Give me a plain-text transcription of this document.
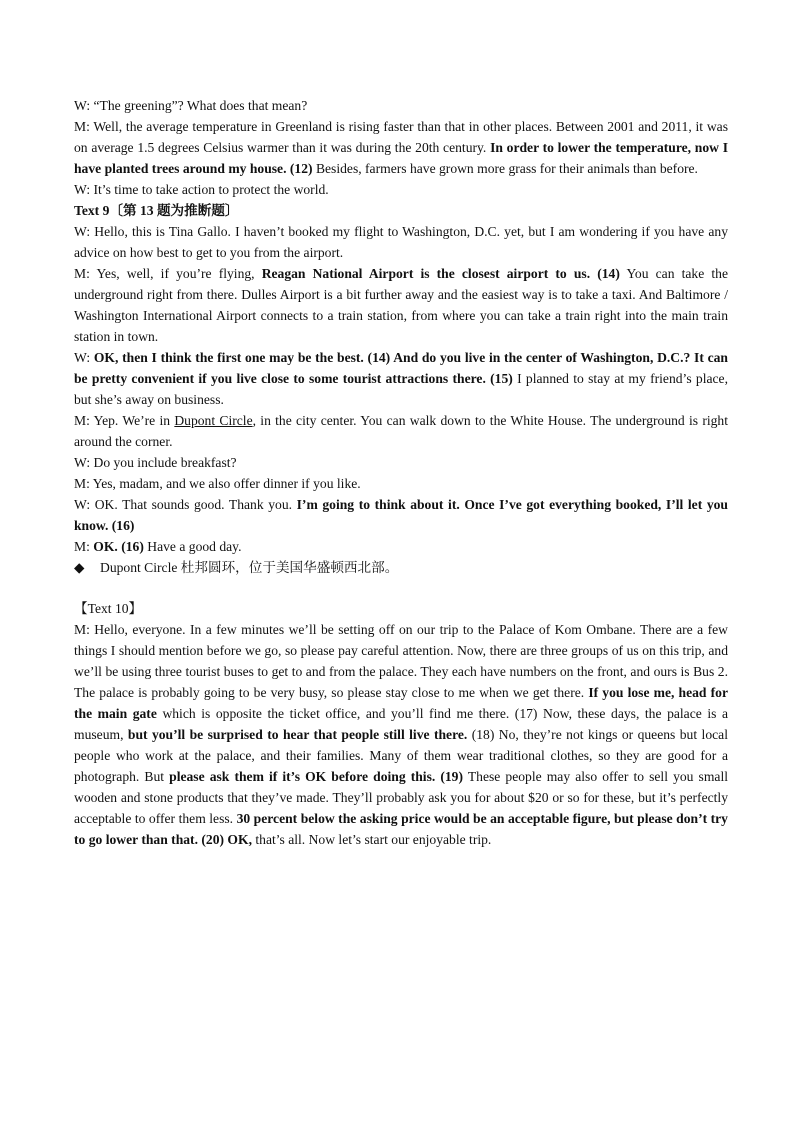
W: “The greening”? What does that mean?

M: Well, the average temperature in Greenland is rising faster than that in other places. Between 2001 and 2011, it was on average 1.5 degrees Celsius warmer than it was during the 20th century. In order to lower the temperature, now I have planted trees around my house. (12) Besides, farmers have grown more grass for their animals than before.

W: It’s time to take action to protect the world.

Text 9〔第 13 题为推断题〕

W: Hello, this is Tina Gallo. I haven’t booked my flight to Washington, D.C. yet, but I am wondering if you have any advice on how best to get to you from the airport.

M: Yes, well, if you’re flying, Reagan National Airport is the closest airport to us. (14) You can take the underground right from there. Dulles Airport is a bit further away and the easiest way is to take a taxi. And Baltimore / Washington International Airport connects to a train station, from where you can take a train right into the main train station in town.

W: OK, then I think the first one may be the best. (14) And do you live in the center of Washington, D.C.? It can be pretty convenient if you live close to some tourist attractions there. (15) I planned to stay at my friend’s place, but she’s away on business.

M: Yep. We’re in Dupont Circle, in the city center. You can walk down to the White House. The underground is right around the corner.

W: Do you include breakfast?

M: Yes, madam, and we also offer dinner if you like.

W: OK. That sounds good. Thank you. I’m going to think about it. Once I’ve got everything booked, I’ll let you know. (16)

M: OK. (16) Have a good day.

◆ Dupont Circle 杜邦圆环，位于美国华盛顿西北部。

【Text 10】

M: Hello, everyone. In a few minutes we’ll be setting off on our trip to the Palace of Kom Ombane. There are a few things I should mention before we go, so please pay careful attention. Now, there are three groups of us on this trip, and we’ll be using three tourist buses to get to and from the palace. They each have numbers on the front, and ours is Bus 2. The palace is probably going to be very busy, so please stay close to me when we get there. If you lose me, head for the main gate which is opposite the ticket office, and you’ll find me there. (17) Now, these days, the palace is a museum, but you’ll be surprised to hear that people still live there. (18) No, they’re not kings or queens but local people who work at the palace, and their families. Many of them wear traditional clothes, so they are good for a photograph. But please ask them if it’s OK before doing this. (19) These people may also offer to sell you small wooden and stone products that they’ve made. They’ll probably ask you for about $20 or so for these, but it’s perfectly acceptable to offer them less. 30 percent below the asking price would be an acceptable figure, but please don’t try to go lower than that. (20) OK, that’s all. Now let’s start our enjoyable trip.
